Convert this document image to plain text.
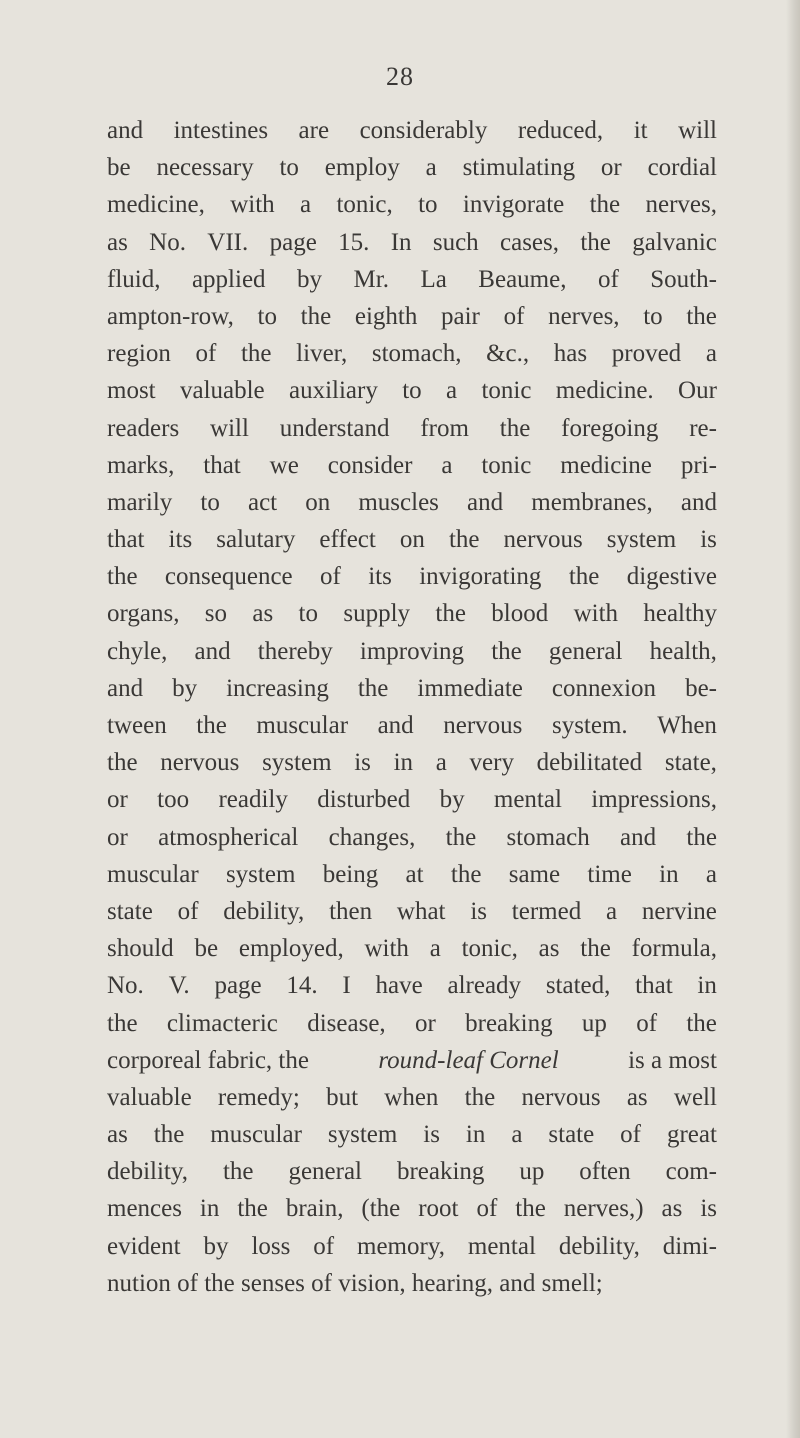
28
and intestines are considerably reduced, it will
be necessary to employ a stimulating or cordial
medicine, with a tonic, to invigorate the nerves,
as No. VII. page 15. In such cases, the galvanic
fluid, applied by Mr. La Beaume, of South-
ampton-row, to the eighth pair of nerves, to the
region of the liver, stomach, &c., has proved a
most valuable auxiliary to a tonic medicine. Our
readers will understand from the foregoing re-
marks, that we consider a tonic medicine pri-
marily to act on muscles and membranes, and
that its salutary effect on the nervous system is
the consequence of its invigorating the digestive
organs, so as to supply the blood with healthy
chyle, and thereby improving the general health,
and by increasing the immediate connexion be-
tween the muscular and nervous system. When
the nervous system is in a very debilitated state,
or too readily disturbed by mental impressions,
or atmospherical changes, the stomach and the
muscular system being at the same time in a
state of debility, then what is termed a nervine
should be employed, with a tonic, as the formula,
No. V. page 14. I have already stated, that in
the climacteric disease, or breaking up of the
corporeal fabric, the	round-leaf Cornel	is a most
valuable remedy; but when the nervous as well
as the muscular system is in a state of great
debility, the general breaking up often com-
mences in the brain, (the root of the nerves,) as is
evident by loss of memory, mental debility, dimi-
nution of the senses of vision, hearing, and smell;
